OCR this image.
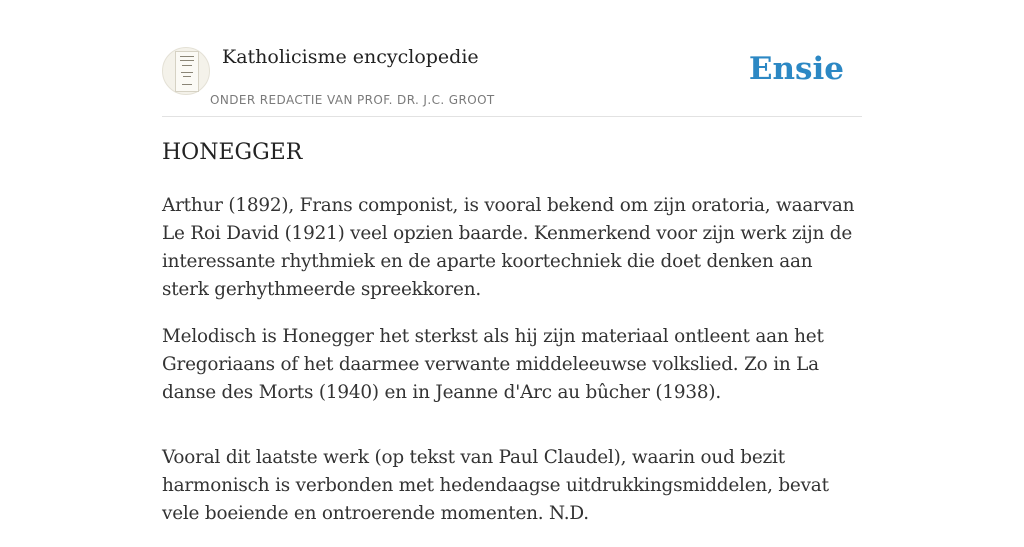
Katholicisme encyclopedie
ONDER REDACTIE VAN PROF. DR. J.C. GROOT
Ensie
HONEGGER

Arthur (1892), Frans componist, is vooral bekend om zijn oratoria, waarvan Le Roi David (1921) veel opzien baarde. Kenmerkend voor zijn werk zijn de interessante rhythmiek en de aparte koortechniek die doet denken aan sterk gerhythmeerde spreekkoren.

Melodisch is Honegger het sterkst als hij zijn materiaal ontleent aan het Gregoriaans of het daarmee verwante middeleeuwse volkslied. Zo in La danse des Morts (1940) en in Jeanne d'Arc au bûcher (1938).

Vooral dit laatste werk (op tekst van Paul Claudel), waarin oud bezit harmonisch is verbonden met hedendaagse uitdrukkingsmiddelen, bevat vele boeiende en ontroerende momenten. N.D.
